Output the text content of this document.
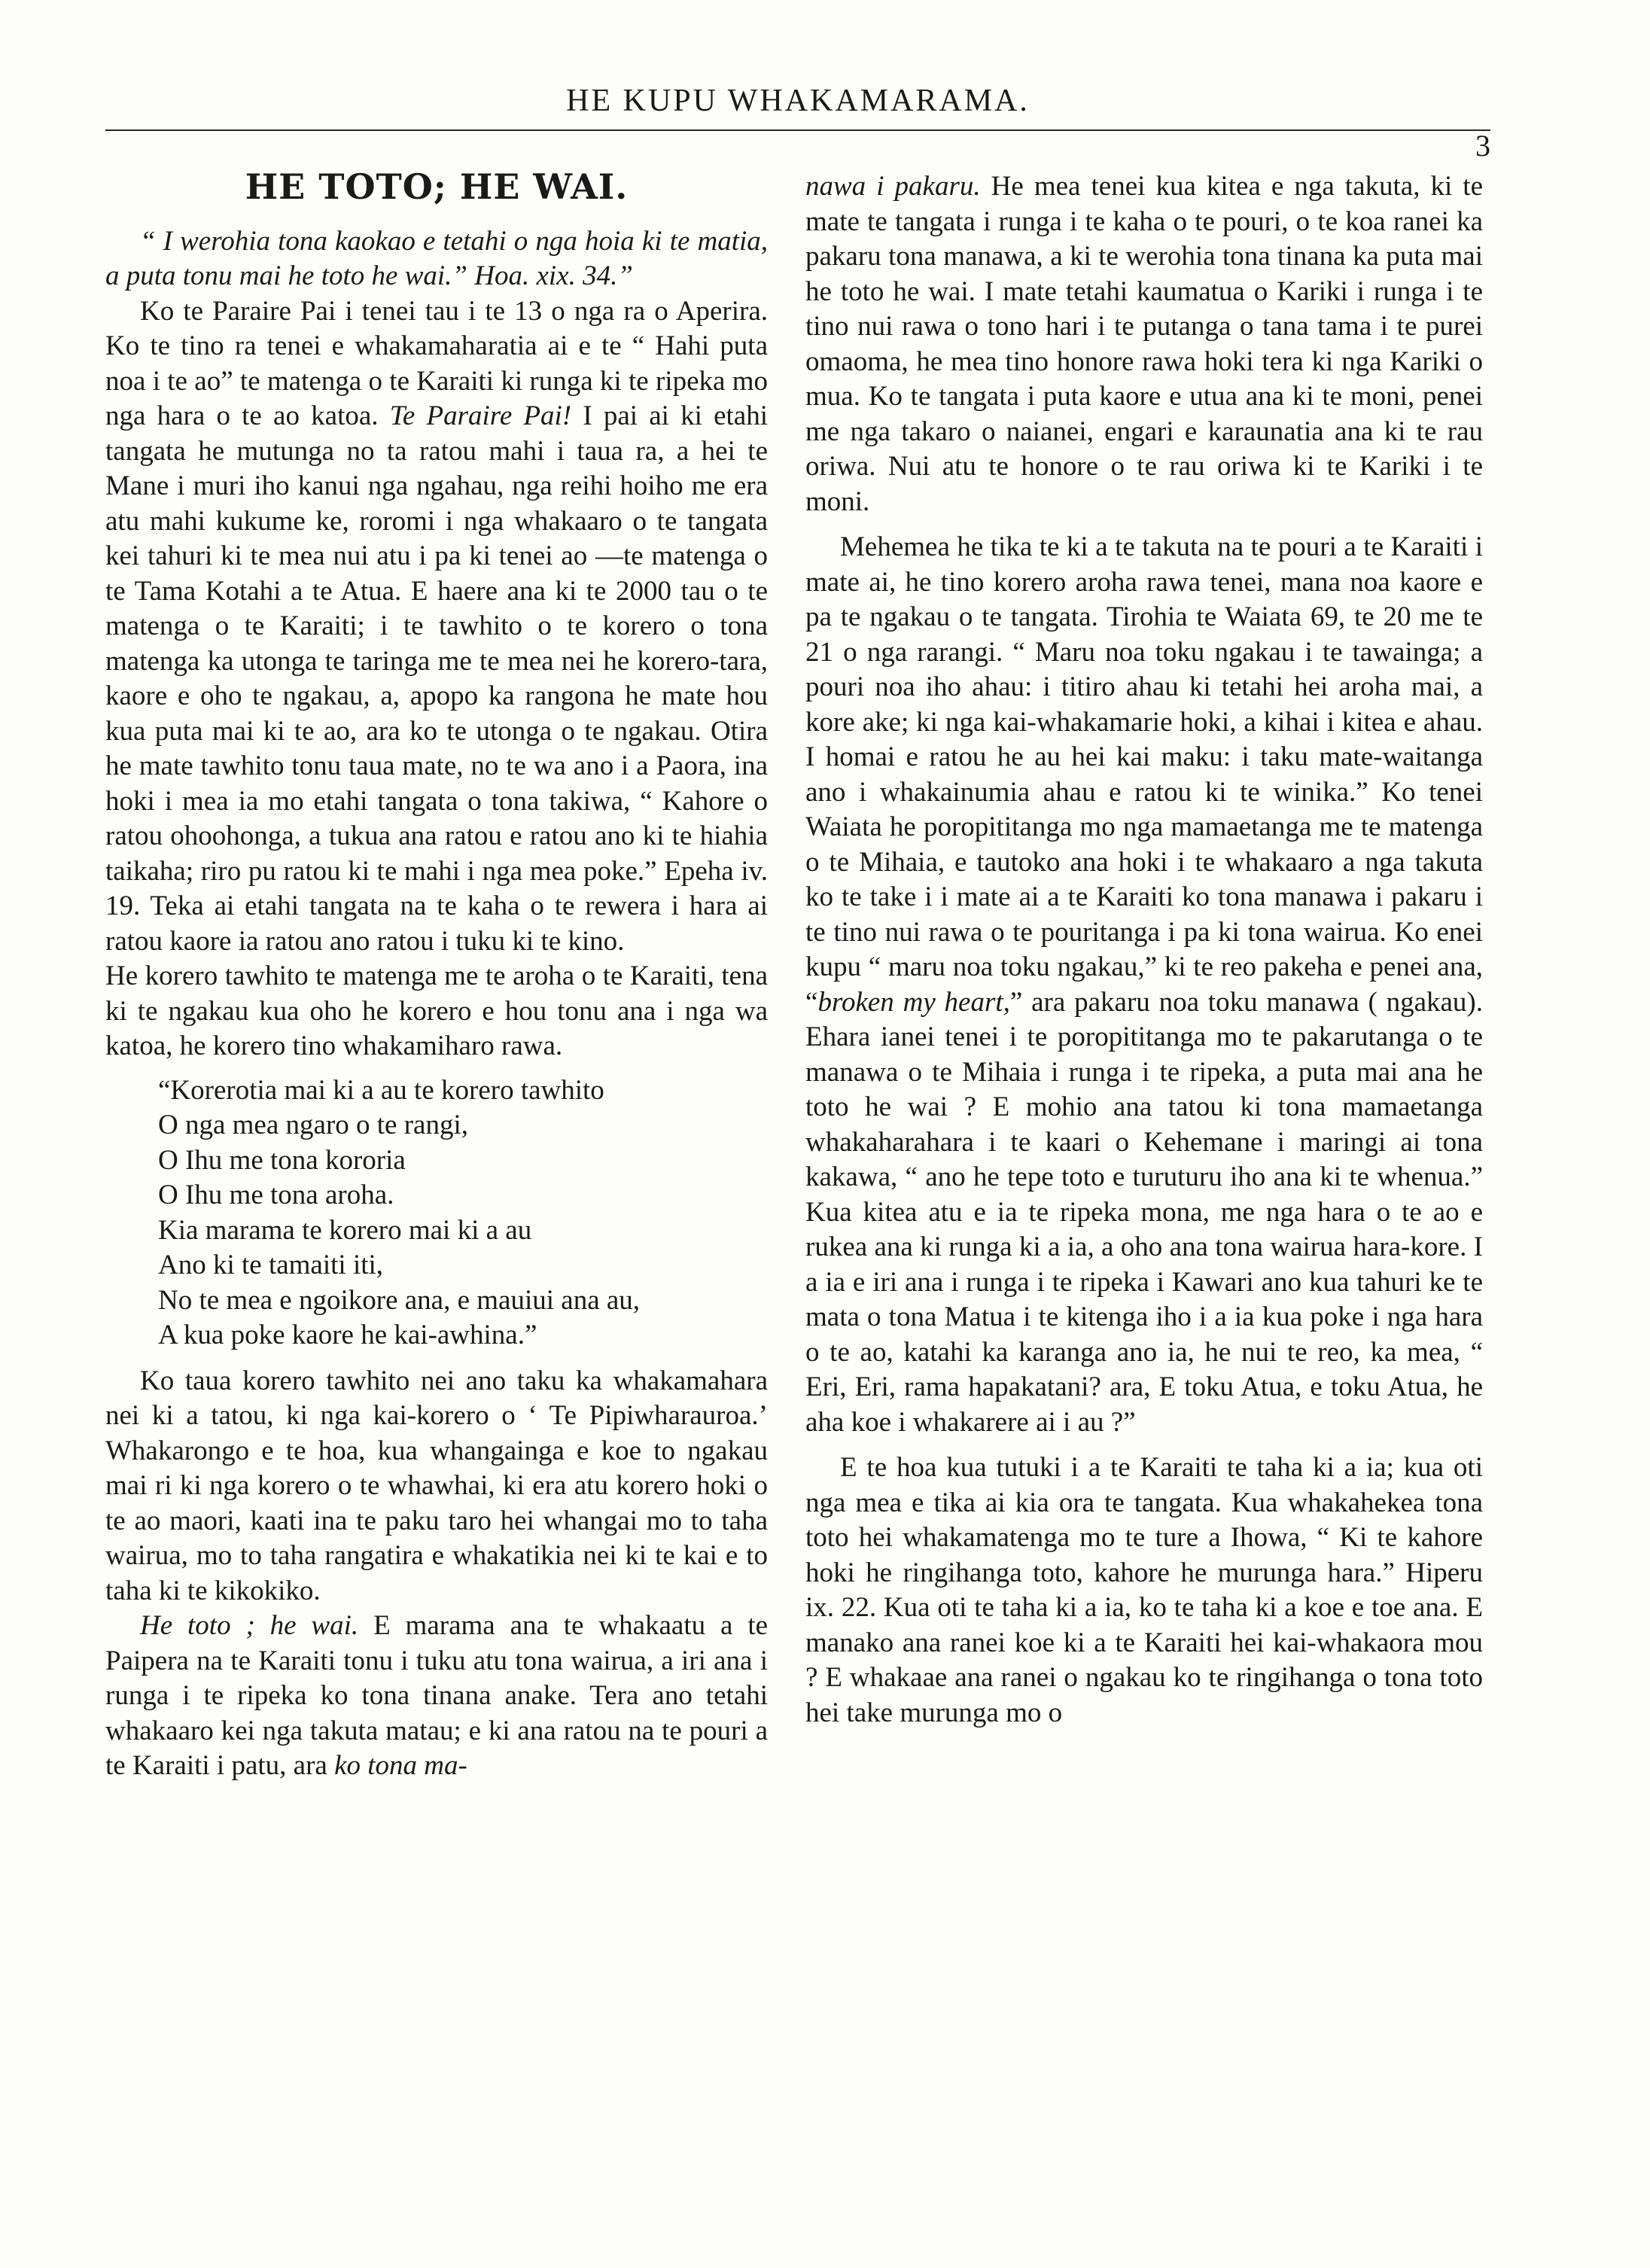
HE KUPU WHAKAMARAMA.
3
HE TOTO; HE WAI.

“ I werohia tona kaokao e tetahi o nga hoia ki te matia, a puta tonu mai he toto he wai.” Hoa. xix. 34.”

Ko te Paraire Pai i tenei tau i te 13 o nga ra o Aperira. Ko te tino ra tenei e whakamaharatia ai e te “ Hahi puta noa i te ao” te matenga o te Karaiti ki runga ki te ripeka mo nga hara o te ao katoa. Te Paraire Pai! I pai ai ki etahi tangata he mutunga no ta ratou mahi i taua ra, a hei te Mane i muri iho kanui nga ngahau, nga reihi hoiho me era atu mahi kukume ke, roromi i nga whakaaro o te tangata kei tahuri ki te mea nui atu i pa ki tenei ao —te matenga o te Tama Kotahi a te Atua. E haere ana ki te 2000 tau o te matenga o te Karaiti; i te tawhito o te korero o tona matenga ka utonga te taringa me te mea nei he korero-tara, kaore e oho te ngakau, a, apopo ka rangona he mate hou kua puta mai ki te ao, ara ko te utonga o te ngakau. Otira he mate tawhito tonu taua mate, no te wa ano i a Paora, ina hoki i mea ia mo etahi tangata o tona takiwa, “ Kahore o ratou ohoohonga, a tukua ana ratou e ratou ano ki te hiahia taikaha; riro pu ratou ki te mahi i nga mea poke.” Epeha iv. 19. Teka ai etahi tangata na te kaha o te rewera i hara ai ratou kaore ia ratou ano ratou i tuku ki te kino.

He korero tawhito te matenga me te aroha o te Karaiti, tena ki te ngakau kua oho he korero e hou tonu ana i nga wa katoa, he korero tino whakamiharo rawa.

“Korerotia mai ki a au te korero tawhito
O nga mea ngaro o te rangi,
O Ihu me tona kororia
O Ihu me tona aroha.
Kia marama te korero mai ki a au
Ano ki te tamaiti iti,
No te mea e ngoikore ana, e mauiui ana au,
A kua poke kaore he kai-awhina.”

Ko taua korero tawhito nei ano taku ka whakamahara nei ki a tatou, ki nga kai-korero o ‘ Te Pipiwharauroa.’ Whakarongo e te hoa, kua whangainga e koe to ngakau mai ri ki nga korero o te whawhai, ki era atu korero hoki o te ao maori, kaati ina te paku taro hei whangai mo to taha wairua, mo to taha rangatira e whakatikia nei ki te kai e to taha ki te kikokiko.

He toto ; he wai. E marama ana te whakaatu a te Paipera na te Karaiti tonu i tuku atu tona wairua, a iri ana i runga i te ripeka ko tona tinana anake. Tera ano tetahi whakaaro kei nga takuta matau; e ki ana ratou na te pouri a te Karaiti i patu, ara ko tona ma-

nawa i pakaru. He mea tenei kua kitea e nga takuta, ki te mate te tangata i runga i te kaha o te pouri, o te koa ranei ka pakaru tona manawa, a ki te werohia tona tinana ka puta mai he toto he wai. I mate tetahi kaumatua o Kariki i runga i te tino nui rawa o tono hari i te putanga o tana tama i te purei omaoma, he mea tino honore rawa hoki tera ki nga Kariki o mua. Ko te tangata i puta kaore e utua ana ki te moni, penei me nga takaro o naianei, engari e karaunatia ana ki te rau oriwa. Nui atu te honore o te rau oriwa ki te Kariki i te moni.

Mehemea he tika te ki a te takuta na te pouri a te Karaiti i mate ai, he tino korero aroha rawa tenei, mana noa kaore e pa te ngakau o te tangata. Tirohia te Waiata 69, te 20 me te 21 o nga rarangi. “ Maru noa toku ngakau i te tawainga; a pouri noa iho ahau: i titiro ahau ki tetahi hei aroha mai, a kore ake; ki nga kai-whakamarie hoki, a kihai i kitea e ahau. I homai e ratou he au hei kai maku: i taku mate-waitanga ano i whakainumia ahau e ratou ki te winika.” Ko tenei Waiata he poropititanga mo nga mamaetanga me te matenga o te Mihaia, e tautoko ana hoki i te whakaaro a nga takuta ko te take i i mate ai a te Karaiti ko tona manawa i pakaru i te tino nui rawa o te pouritanga i pa ki tona wairua. Ko enei kupu “ maru noa toku ngakau,” ki te reo pakeha e penei ana, “broken my heart,” ara pakaru noa toku manawa ( ngakau). Ehara ianei tenei i te poropititanga mo te pakarutanga o te manawa o te Mihaia i runga i te ripeka, a puta mai ana he toto he wai ? E mohio ana tatou ki tona mamaetanga whakaharahara i te kaari o Kehemane i maringi ai tona kakawa, “ ano he tepe toto e turuturu iho ana ki te whenua.” Kua kitea atu e ia te ripeka mona, me nga hara o te ao e rukea ana ki runga ki a ia, a oho ana tona wairua hara-kore. I a ia e iri ana i runga i te ripeka i Kawari ano kua tahuri ke te mata o tona Matua i te kitenga iho i a ia kua poke i nga hara o te ao, katahi ka karanga ano ia, he nui te reo, ka mea, “ Eri, Eri, rama hapakatani? ara, E toku Atua, e toku Atua, he aha koe i whakarere ai i au ?”

E te hoa kua tutuki i a te Karaiti te taha ki a ia; kua oti nga mea e tika ai kia ora te tangata. Kua whakahekea tona toto hei whakamatenga mo te ture a Ihowa, “ Ki te kahore hoki he ringihanga toto, kahore he murunga hara.” Hiperu ix. 22. Kua oti te taha ki a ia, ko te taha ki a koe e toe ana. E manako ana ranei koe ki a te Karaiti hei kai-whakaora mou ? E whakaae ana ranei o ngakau ko te ringihanga o tona toto hei take murunga mo o
